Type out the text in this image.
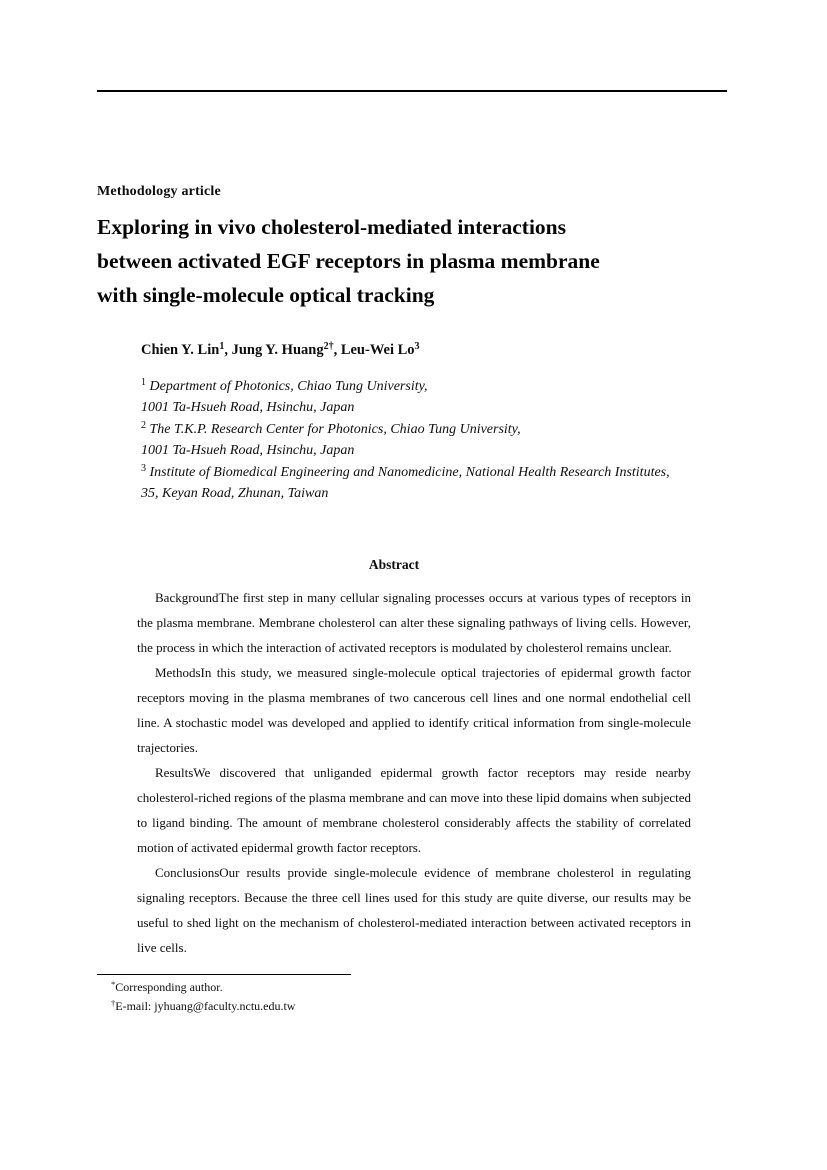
Methodology article
Exploring in vivo cholesterol-mediated interactions
between activated EGF receptors in plasma membrane
with single-molecule optical tracking

Chien Y. Lin$^1$, Jung Y. Huang$^{2\dagger}$, Leu-Wei Lo$^3$

$^1$ Department of Photonics, Chiao Tung University,
1001 Ta-Hsueh Road, Hsinchu, Japan
$^2$ The T.K.P. Research Center for Photonics, Chiao Tung University,
1001 Ta-Hsueh Road, Hsinchu, Japan
$^3$ Institute of Biomedical Engineering and Nanomedicine, National Health Research Institutes,
35, Keyan Road, Zhunan, Taiwan
Abstract

BackgroundThe first step in many cellular signaling processes occurs at various types of receptors in the plasma membrane. Membrane cholesterol can alter these signaling pathways of living cells. However, the process in which the interaction of activated receptors is modulated by cholesterol remains unclear.

MethodsIn this study, we measured single-molecule optical trajectories of epidermal growth factor receptors moving in the plasma membranes of two cancerous cell lines and one normal endothelial cell line. A stochastic model was developed and applied to identify critical information from single-molecule trajectories.

ResultsWe discovered that unliganded epidermal growth factor receptors may reside nearby cholesterol-riched regions of the plasma membrane and can move into these lipid domains when subjected to ligand binding. The amount of membrane cholesterol considerably affects the stability of correlated motion of activated epidermal growth factor receptors.

ConclusionsOur results provide single-molecule evidence of membrane cholesterol in regulating signaling receptors. Because the three cell lines used for this study are quite diverse, our results may be useful to shed light on the mechanism of cholesterol-mediated interaction between activated receptors in live cells.

*Corresponding author.

†E-mail: jyhuang@faculty.nctu.edu.tw
